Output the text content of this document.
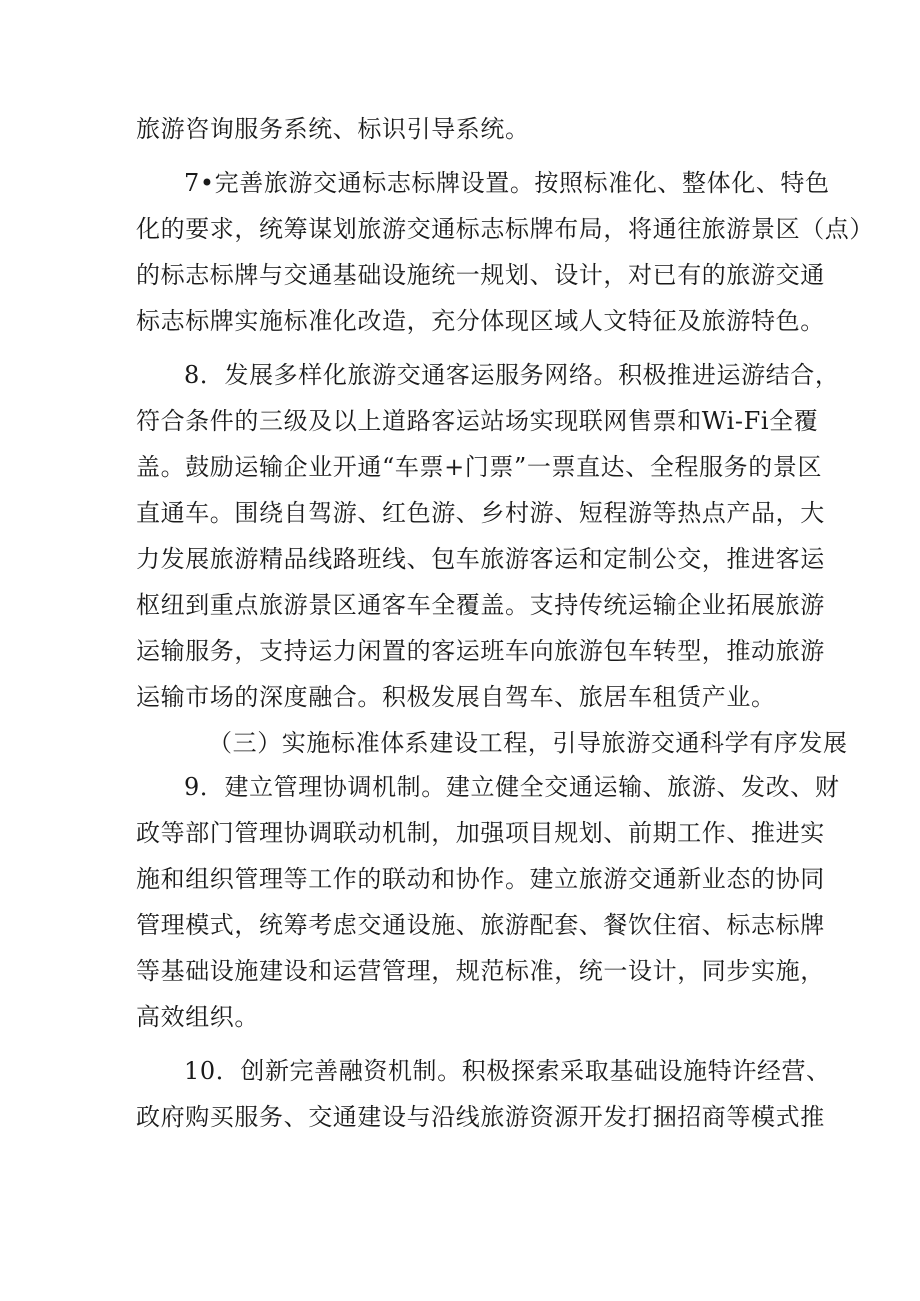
旅游咨询服务系统、标识引导系统。
7•完善旅游交通标志标牌设置。按照标准化、整体化、特色
化的要求，统筹谋划旅游交通标志标牌布局，将通往旅游景区（点）
的标志标牌与交通基础设施统一规划、设计，对已有的旅游交通
标志标牌实施标准化改造，充分体现区域人文特征及旅游特色。
8．发展多样化旅游交通客运服务网络。积极推进运游结合，
符合条件的三级及以上道路客运站场实现联网售票和Wi-Fi全覆
盖。鼓励运输企业开通“车票+门票”一票直达、全程服务的景区
直通车。围绕自驾游、红色游、乡村游、短程游等热点产品，大
力发展旅游精品线路班线、包车旅游客运和定制公交，推进客运
枢纽到重点旅游景区通客车全覆盖。支持传统运输企业拓展旅游
运输服务，支持运力闲置的客运班车向旅游包车转型，推动旅游
运输市场的深度融合。积极发展自驾车、旅居车租赁产业。
（三）实施标准体系建设工程，引导旅游交通科学有序发展
9．建立管理协调机制。建立健全交通运输、旅游、发改、财
政等部门管理协调联动机制，加强项目规划、前期工作、推进实
施和组织管理等工作的联动和协作。建立旅游交通新业态的协同
管理模式，统筹考虑交通设施、旅游配套、餐饮住宿、标志标牌
等基础设施建设和运营管理，规范标准，统一设计，同步实施，
高效组织。
10．创新完善融资机制。积极探索采取基础设施特许经营、
政府购买服务、交通建设与沿线旅游资源开发打捆招商等模式推
